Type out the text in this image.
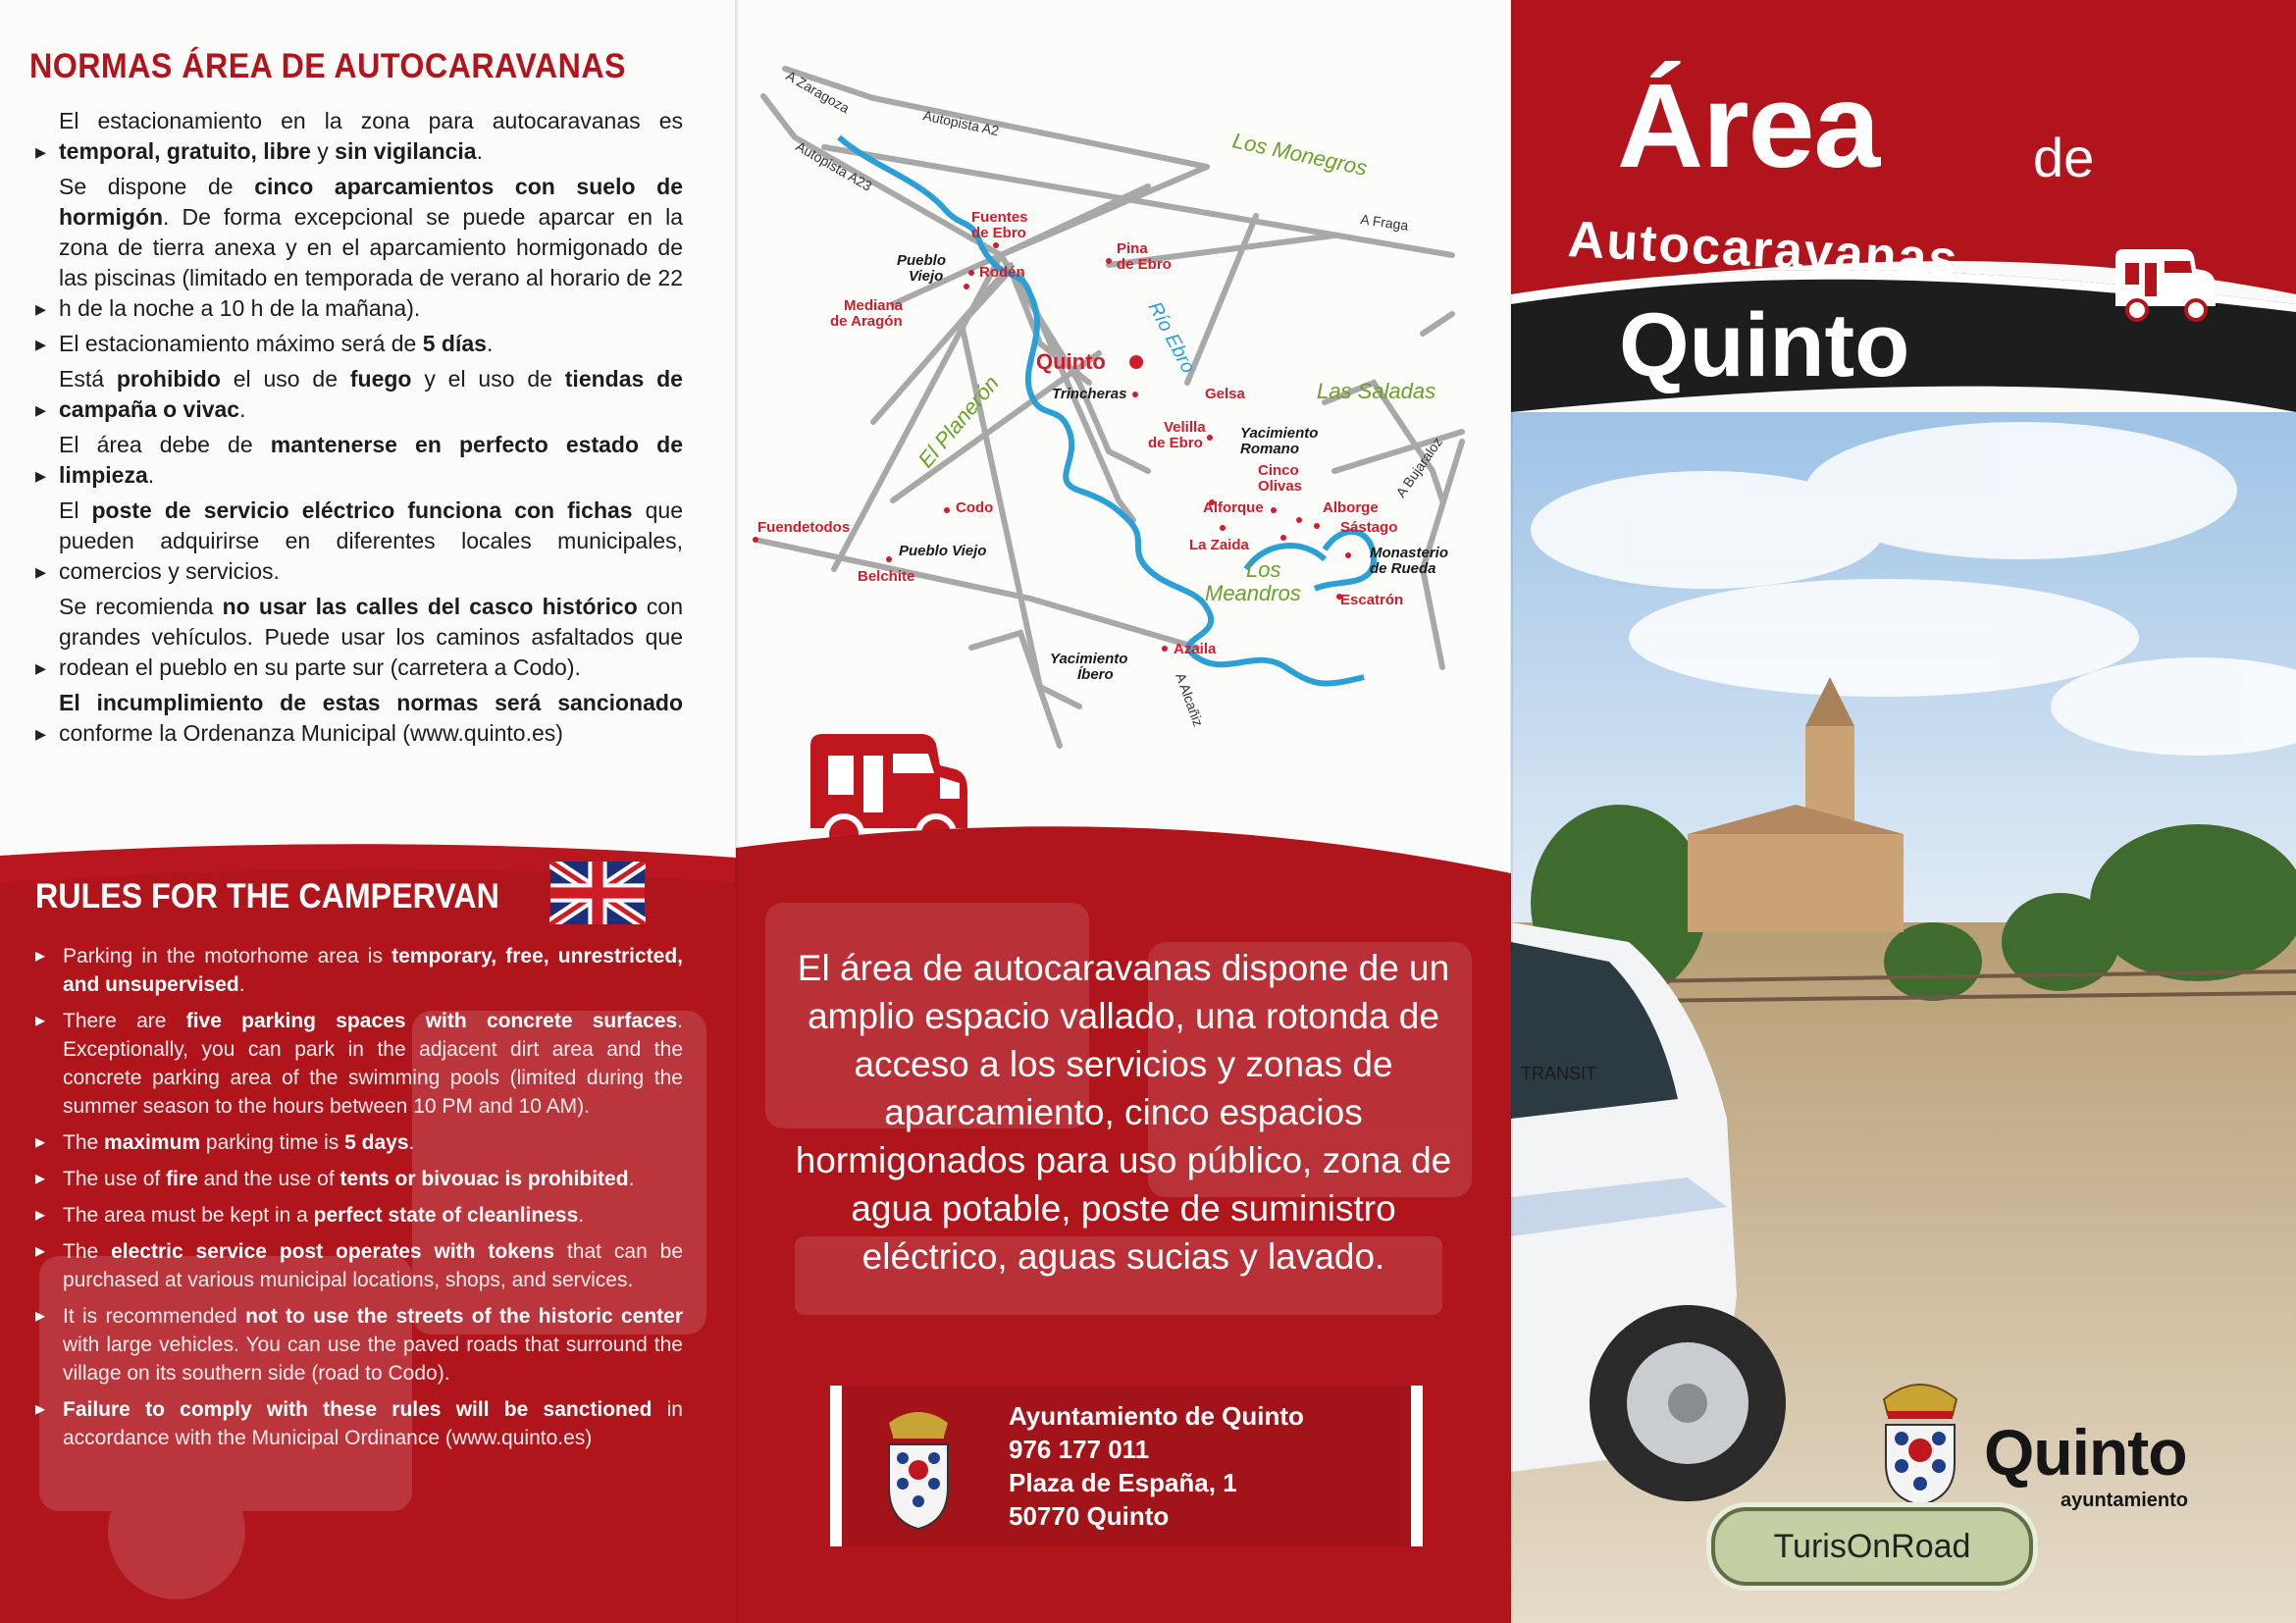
NORMAS ÁREA DE AUTOCARAVANAS
▸ El estacionamiento en la zona para autocaravanas es temporal, gratuito, libre y sin vigilancia.
▸ Se dispone de cinco aparcamientos con suelo de hormigón. De forma excepcional se puede aparcar en la zona de tierra anexa y en el aparcamiento hormigonado de las piscinas (limitado en temporada de verano al horario de 22 h de la noche a 10 h de la mañana).
▸ El estacionamiento máximo será de 5 días.
▸ Está prohibido el uso de fuego y el uso de tiendas de campaña o vivac.
▸ El área debe de mantenerse en perfecto estado de limpieza.
▸ El poste de servicio eléctrico funciona con fichas que pueden adquirirse en diferentes locales municipales, comercios y servicios.
▸ Se recomienda no usar las calles del casco histórico con grandes vehículos. Puede usar los caminos asfaltados que rodean el pueblo en su parte sur (carretera a Codo).
▸ El incumplimiento de estas normas será sancionado conforme la Ordenanza Municipal (www.quinto.es)
RULES FOR THE CAMPERVAN
▸ Parking in the motorhome area is temporary, free, unrestricted, and unsupervised.
▸ There are five parking spaces with concrete surfaces. Exceptionally, you can park in the adjacent dirt area and the concrete parking area of the swimming pools (limited during the summer season to the hours between 10 PM and 10 AM).
▸ The maximum parking time is 5 days.
▸ The use of fire and the use of tents or bivouac is prohibited.
▸ The area must be kept in a perfect state of cleanliness.
▸ The electric service post operates with tokens that can be purchased at various municipal locations, shops, and services.
▸ It is recommended not to use the streets of the historic center with large vehicles. You can use the paved roads that surround the village on its southern side (road to Codo).
▸ Failure to comply with these rules will be sanctioned in accordance with the Municipal Ordinance (www.quinto.es)
A Zaragoza
Autopista A2
Autopista A23
A Fraga
A Bujaraloz
A Alcañiz
Los Monegros
Las Saladas
El Planerón
Los
Meandros
Río Ebro
Fuentes
de Ebro
Rodén
Mediana
de Aragón
Pina
de Ebro
Gelsa
Velilla
de Ebro
Cinco
Olivas
Alforque	Alborge
Sástago
La Zaida
Escatrón
Codo
Fuendetodos
Belchite
Azaila
Quinto
Pueblo
Viejo
Trincheras
Yacimiento
Romano
Monasterio
de Rueda
Pueblo Viejo
Yacimiento
Íbero
El área de autocaravanas dispone de un amplio espacio vallado, una rotonda de acceso a los servicios y zonas de aparcamiento, cinco espacios hormigonados para uso público, zona de agua potable, poste de suministro eléctrico, aguas sucias y lavado.
Ayuntamiento de Quinto
976 177 011
Plaza de España, 1
50770 Quinto
Área	de
Autocaravanas
Quinto
TRANSIT
Quinto
ayuntamiento
TurisOnRoad
